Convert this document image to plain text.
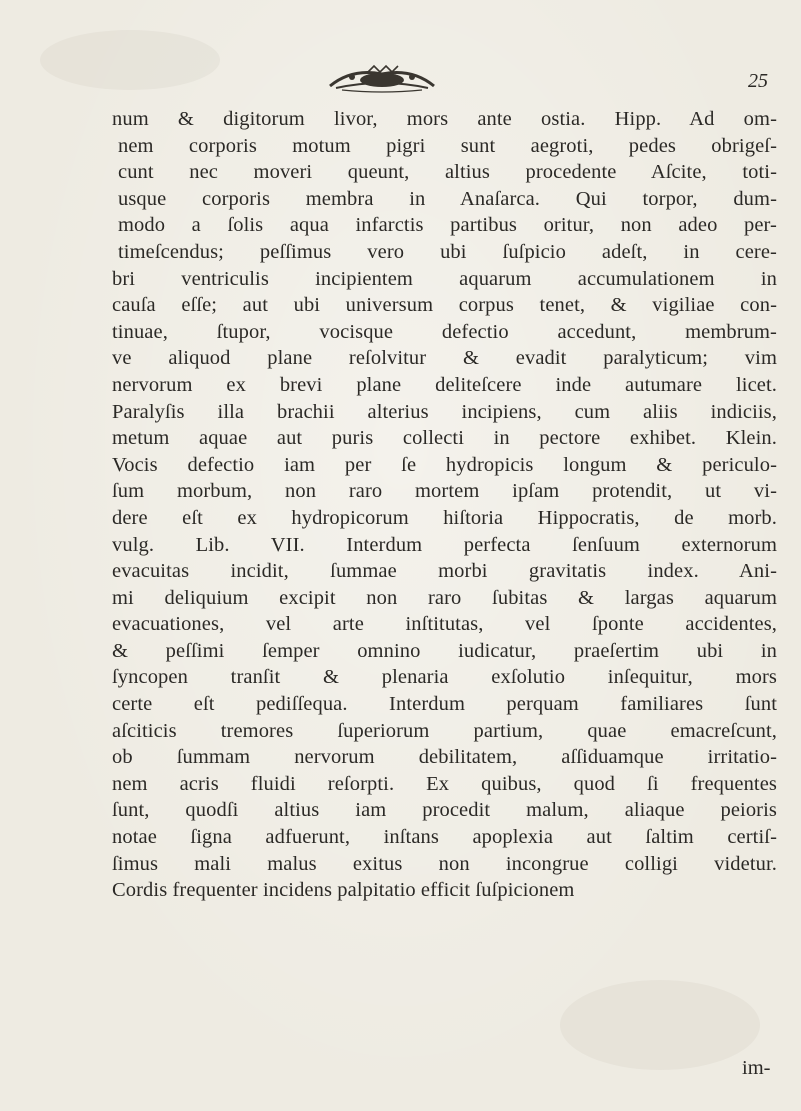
25
num & digitorum livor, mors ante ostia. Hipp. Ad om-
nem corporis motum pigri sunt aegroti, pedes obrigeſ-
cunt nec moveri queunt, altius procedente Aſcite, toti-
usque corporis membra in Anaſarca. Qui torpor, dum-
modo a ſolis aqua infarctis partibus oritur, non adeo per-
timeſcendus; peſſimus vero ubi ſuſpicio adeſt, in cere-
bri ventriculis incipientem aquarum accumulationem in
cauſa eſſe; aut ubi universum corpus tenet, & vigiliae con-
tinuae, ſtupor, vocisque defectio accedunt, membrum-
ve aliquod plane reſolvitur & evadit paralyticum; vim
nervorum ex brevi plane deliteſcere inde autumare licet.
Paralyſis illa brachii alterius incipiens, cum aliis indiciis,
metum aquae aut puris collecti in pectore exhibet. Klein.
Vocis defectio iam per ſe hydropicis longum & periculo-
ſum morbum, non raro mortem ipſam protendit, ut vi-
dere eſt ex hydropicorum hiſtoria Hippocratis, de morb.
vulg. Lib. VII. Interdum perfecta ſenſuum externorum
evacuitas incidit, ſummae morbi gravitatis index. Ani-
mi deliquium excipit non raro ſubitas & largas aquarum
evacuationes, vel arte inſtitutas, vel ſponte accidentes,
& peſſimi ſemper omnino iudicatur, praeſertim ubi in
ſyncopen tranſit & plenaria exſolutio inſequitur, mors
certe eſt pediſſequa. Interdum perquam familiares ſunt
aſciticis tremores ſuperiorum partium, quae emacreſcunt,
ob ſummam nervorum debilitatem, aſſiduamque irritatio-
nem acris fluidi reſorpti. Ex quibus, quod ſi frequentes
ſunt, quodſi altius iam procedit malum, aliaque peioris
notae ſigna adfuerunt, inſtans apoplexia aut ſaltim certiſ-
ſimus mali malus exitus non incongrue colligi videtur.
Cordis frequenter incidens palpitatio efficit ſuſpicionem
im-
